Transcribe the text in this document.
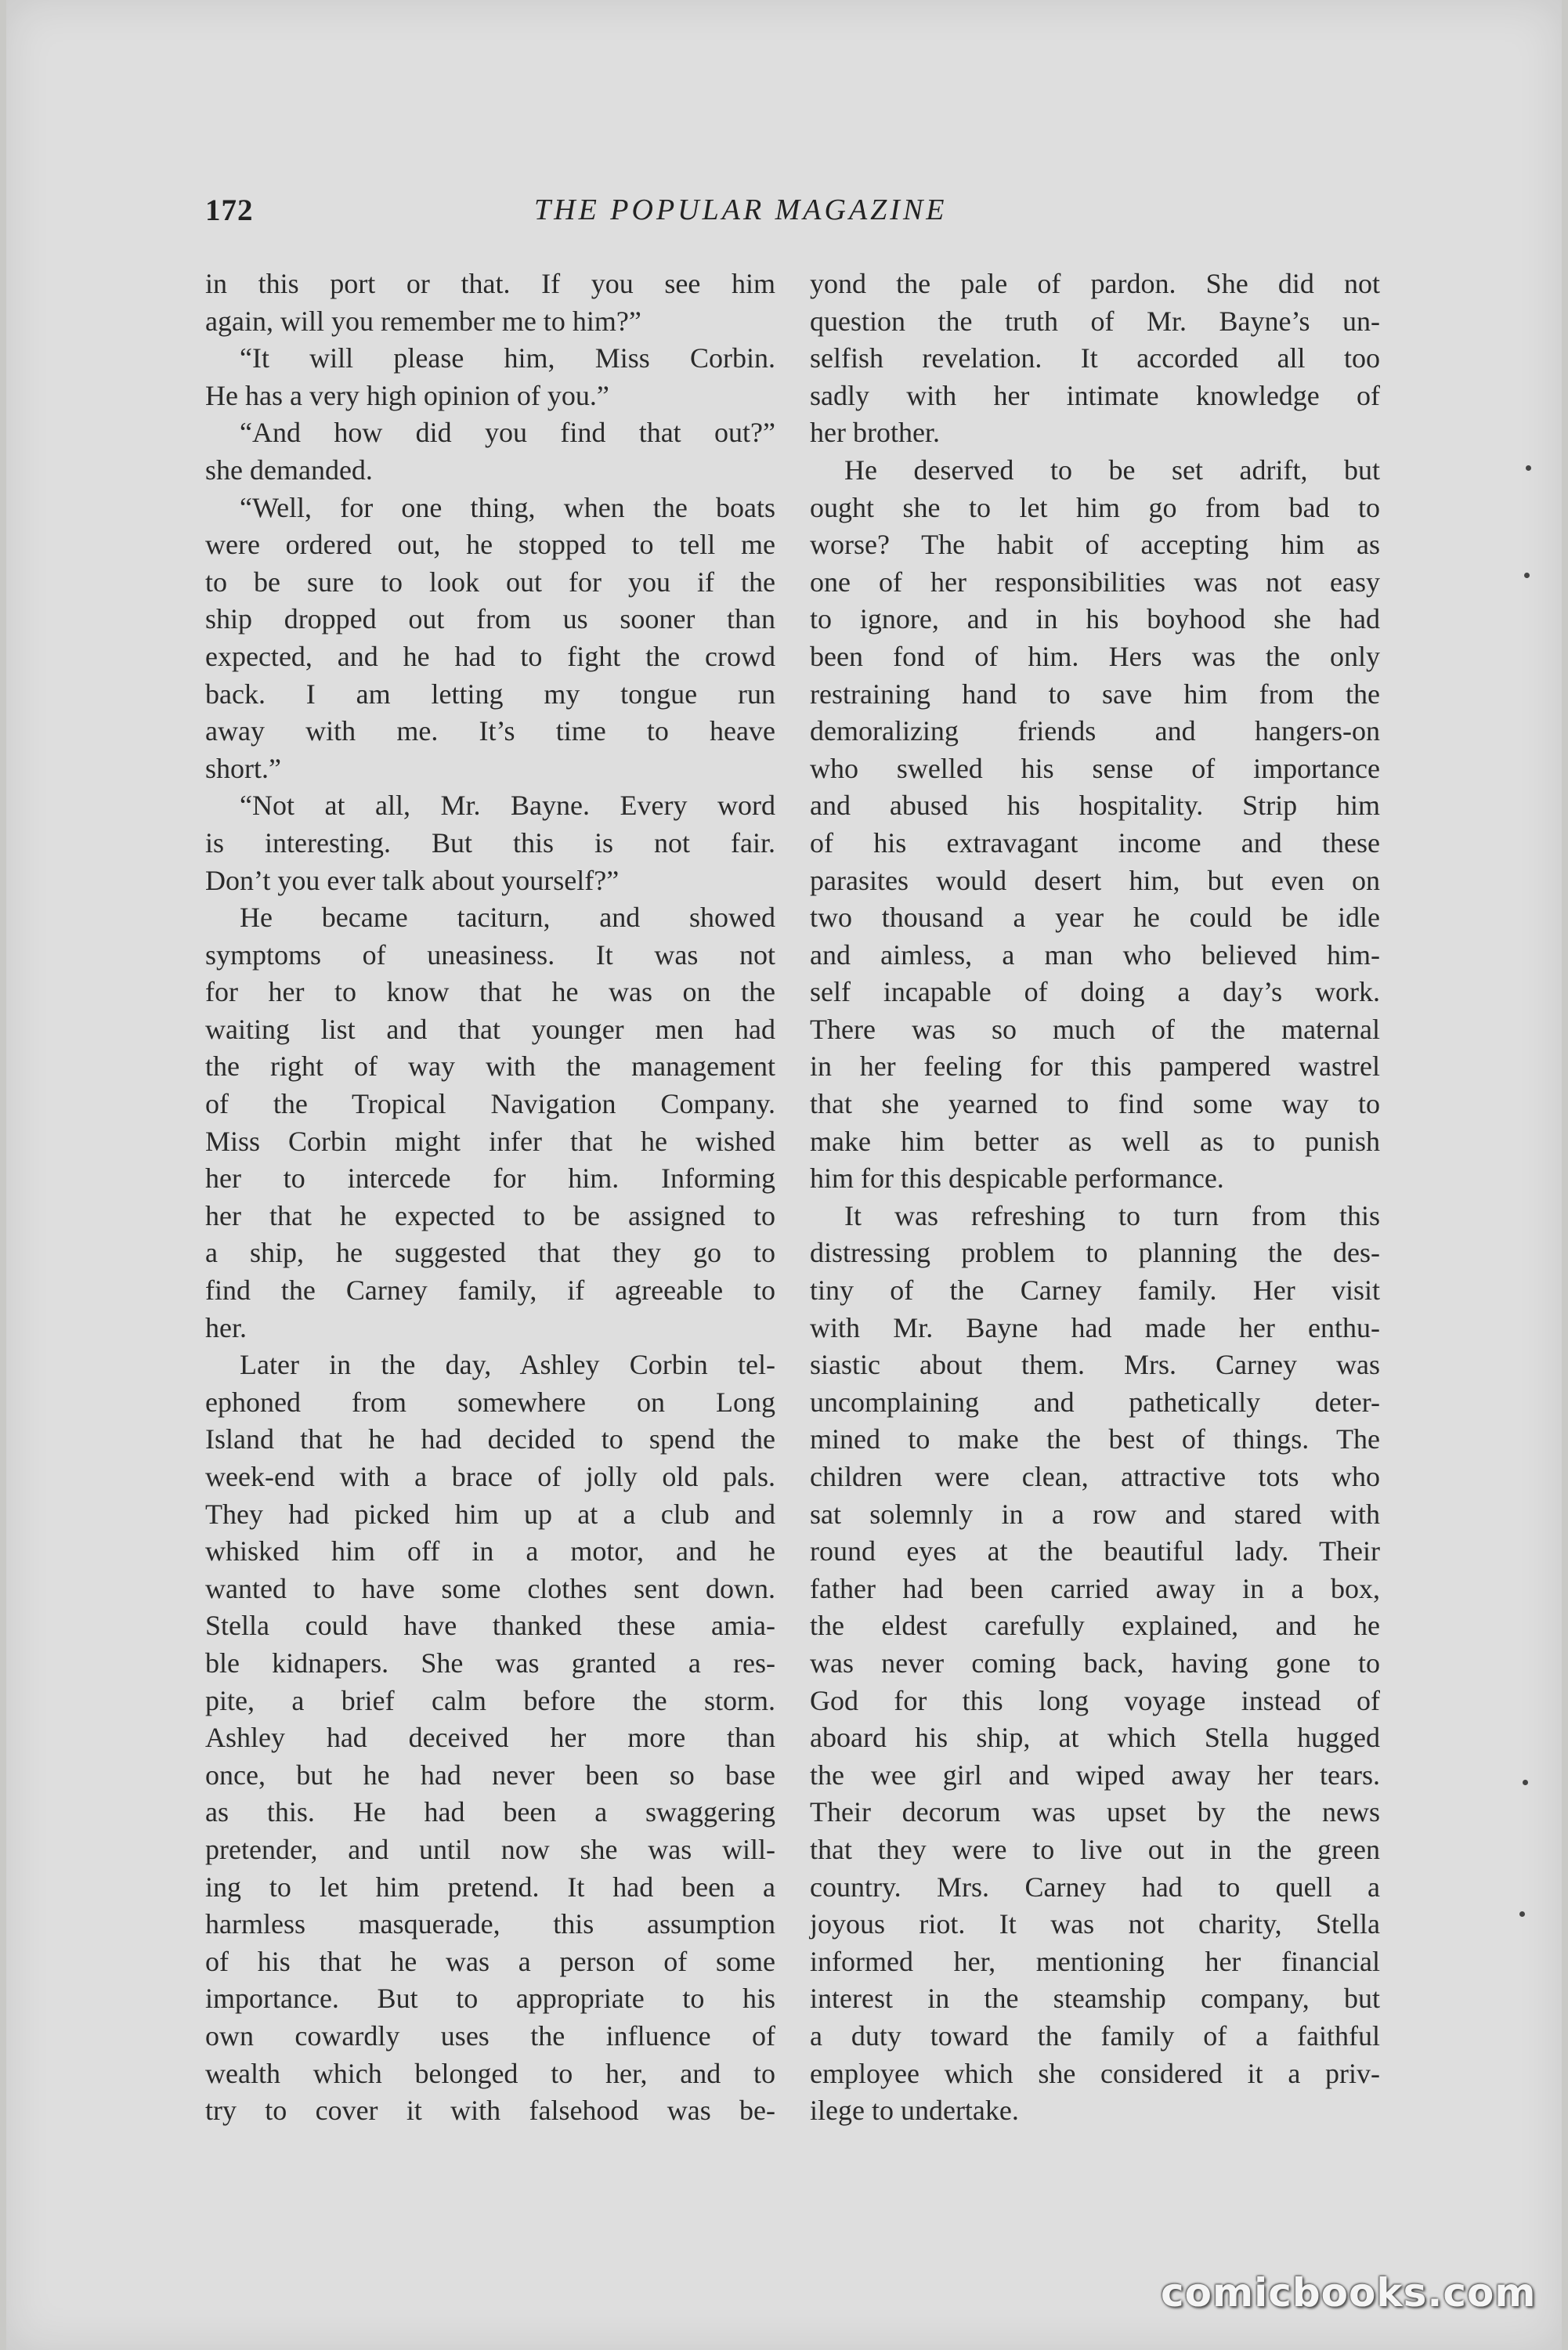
172	THE POPULAR MAGAZINE
in this port or that. If you see him
again, will you remember me to him?”
“It will please him, Miss Corbin.
He has a very high opinion of you.”
“And how did you find that out?”
she demanded.
“Well, for one thing, when the boats
were ordered out, he stopped to tell me
to be sure to look out for you if the
ship dropped out from us sooner than
expected, and he had to fight the crowd
back. I am letting my tongue run
away with me. It’s time to heave
short.”
“Not at all, Mr. Bayne. Every word
is interesting. But this is not fair.
Don’t you ever talk about yourself?”
He became taciturn, and showed
symptoms of uneasiness. It was not
for her to know that he was on the
waiting list and that younger men had
the right of way with the management
of the Tropical Navigation Company.
Miss Corbin might infer that he wished
her to intercede for him. Informing
her that he expected to be assigned to
a ship, he suggested that they go to
find the Carney family, if agreeable to
her.
Later in the day, Ashley Corbin tel-
ephoned from somewhere on Long
Island that he had decided to spend the
week-end with a brace of jolly old pals.
They had picked him up at a club and
whisked him off in a motor, and he
wanted to have some clothes sent down.
Stella could have thanked these amia-
ble kidnapers. She was granted a res-
pite, a brief calm before the storm.
Ashley had deceived her more than
once, but he had never been so base
as this. He had been a swaggering
pretender, and until now she was will-
ing to let him pretend. It had been a
harmless masquerade, this assumption
of his that he was a person of some
importance. But to appropriate to his
own cowardly uses the influence of
wealth which belonged to her, and to
try to cover it with falsehood was be-
yond the pale of pardon. She did not
question the truth of Mr. Bayne’s un-
selfish revelation. It accorded all too
sadly with her intimate knowledge of
her brother.
He deserved to be set adrift, but
ought she to let him go from bad to
worse? The habit of accepting him as
one of her responsibilities was not easy
to ignore, and in his boyhood she had
been fond of him. Hers was the only
restraining hand to save him from the
demoralizing friends and hangers-on
who swelled his sense of importance
and abused his hospitality. Strip him
of his extravagant income and these
parasites would desert him, but even on
two thousand a year he could be idle
and aimless, a man who believed him-
self incapable of doing a day’s work.
There was so much of the maternal
in her feeling for this pampered wastrel
that she yearned to find some way to
make him better as well as to punish
him for this despicable performance.
It was refreshing to turn from this
distressing problem to planning the des-
tiny of the Carney family. Her visit
with Mr. Bayne had made her enthu-
siastic about them. Mrs. Carney was
uncomplaining and pathetically deter-
mined to make the best of things. The
children were clean, attractive tots who
sat solemnly in a row and stared with
round eyes at the beautiful lady. Their
father had been carried away in a box,
the eldest carefully explained, and he
was never coming back, having gone to
God for this long voyage instead of
aboard his ship, at which Stella hugged
the wee girl and wiped away her tears.
Their decorum was upset by the news
that they were to live out in the green
country. Mrs. Carney had to quell a
joyous riot. It was not charity, Stella
informed her, mentioning her financial
interest in the steamship company, but
a duty toward the family of a faithful
employee which she considered it a priv-
ilege to undertake.
comicbooks.com
